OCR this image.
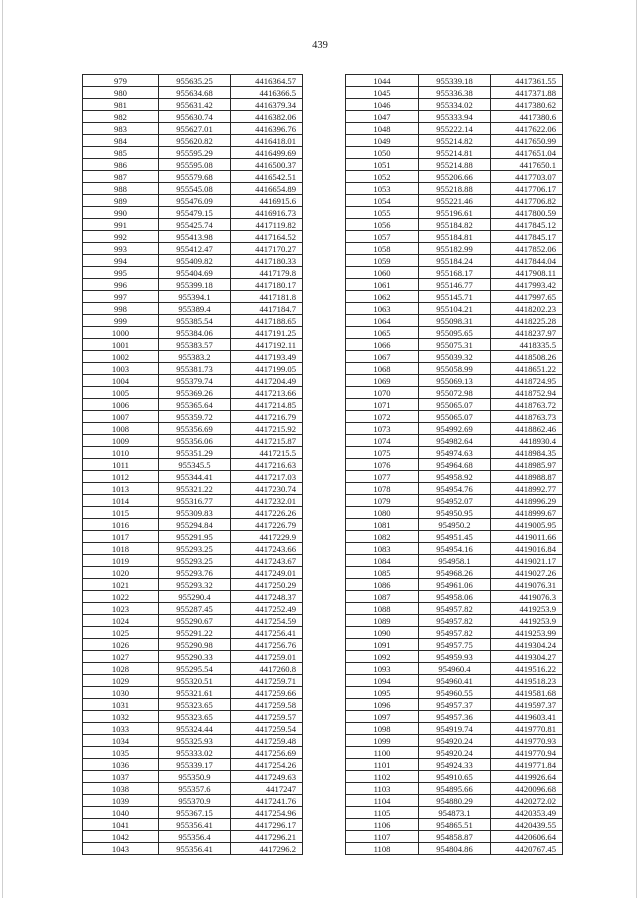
439
979	955635.25	4416364.57
980	955634.68	4416366.5
981	955631.42	4416379.34
982	955630.74	4416382.06
983	955627.01	4416396.76
984	955620.82	4416418.01
985	955595.29	4416499.69
986	955595.08	4416500.37
987	955579.68	4416542.51
988	955545.08	4416654.89
989	955476.09	4416915.6
990	955479.15	4416916.73
991	955425.74	4417119.82
992	955413.98	4417164.52
993	955412.47	4417170.27
994	955409.82	4417180.33
995	955404.69	4417179.8
996	955399.18	4417180.17
997	955394.1	4417181.8
998	955389.4	4417184.7
999	955385.54	4417188.65
1000	955384.06	4417191.25
1001	955383.57	4417192.11
1002	955383.2	4417193.49
1003	955381.73	4417199.05
1004	955379.74	4417204.49
1005	955369.26	4417213.66
1006	955365.64	4417214.85
1007	955359.72	4417216.79
1008	955356.69	4417215.92
1009	955356.06	4417215.87
1010	955351.29	4417215.5
1011	955345.5	4417216.63
1012	955344.41	4417217.03
1013	955321.22	4417230.74
1014	955316.77	4417232.01
1015	955309.83	4417226.26
1016	955294.84	4417226.79
1017	955291.95	4417229.9
1018	955293.25	4417243.66
1019	955293.25	4417243.67
1020	955293.76	4417249.01
1021	955293.32	4417250.29
1022	955290.4	4417248.37
1023	955287.45	4417252.49
1024	955290.67	4417254.59
1025	955291.22	4417256.41
1026	955290.98	4417256.76
1027	955290.33	4417259.01
1028	955295.54	4417260.8
1029	955320.51	4417259.71
1030	955321.61	4417259.66
1031	955323.65	4417259.58
1032	955323.65	4417259.57
1033	955324.44	4417259.54
1034	955325.93	4417259.48
1035	955333.02	4417256.69
1036	955339.17	4417254.26
1037	955350.9	4417249.63
1038	955357.6	4417247
1039	955370.9	4417241.76
1040	955367.15	4417254.96
1041	955356.41	4417296.17
1042	955356.4	4417296.21
1043	955356.41	4417296.2
1044	955339.18	4417361.55
1045	955336.38	4417371.88
1046	955334.02	4417380.62
1047	955333.94	4417380.6
1048	955222.14	4417622.06
1049	955214.82	4417650.99
1050	955214.81	4417651.04
1051	955214.88	4417650.1
1052	955206.66	4417703.07
1053	955218.88	4417706.17
1054	955221.46	4417706.82
1055	955196.61	4417800.59
1056	955184.82	4417845.12
1057	955184.81	4417845.17
1058	955182.99	4417852.06
1059	955184.24	4417844.04
1060	955168.17	4417908.11
1061	955146.77	4417993.42
1062	955145.71	4417997.65
1063	955104.21	4418202.23
1064	955098.31	4418225.28
1065	955095.65	4418237.97
1066	955075.31	4418335.5
1067	955039.32	4418508.26
1068	955058.99	4418651.22
1069	955069.13	4418724.95
1070	955072.98	4418752.94
1071	955065.07	4418763.72
1072	955065.07	4418763.73
1073	954992.69	4418862.46
1074	954982.64	4418930.4
1075	954974.63	4418984.35
1076	954964.68	4418985.97
1077	954958.92	4418988.87
1078	954954.76	4418992.77
1079	954952.07	4418996.29
1080	954950.95	4418999.67
1081	954950.2	4419005.95
1082	954951.45	4419011.66
1083	954954.16	4419016.84
1084	954958.1	4419021.17
1085	954968.26	4419027.26
1086	954961.06	4419076.31
1087	954958.06	4419076.3
1088	954957.82	4419253.9
1089	954957.82	4419253.9
1090	954957.82	4419253.99
1091	954957.75	4419304.24
1092	954959.93	4419304.27
1093	954960.4	4419516.22
1094	954960.41	4419518.23
1095	954960.55	4419581.68
1096	954957.37	4419597.37
1097	954957.36	4419603.41
1098	954919.74	4419770.81
1099	954920.24	4419770.93
1100	954920.24	4419770.94
1101	954924.33	4419771.84
1102	954910.65	4419926.64
1103	954895.66	4420096.68
1104	954880.29	4420272.02
1105	954873.1	4420353.49
1106	954865.51	4420439.55
1107	954858.87	4420606.64
1108	954804.86	4420767.45
